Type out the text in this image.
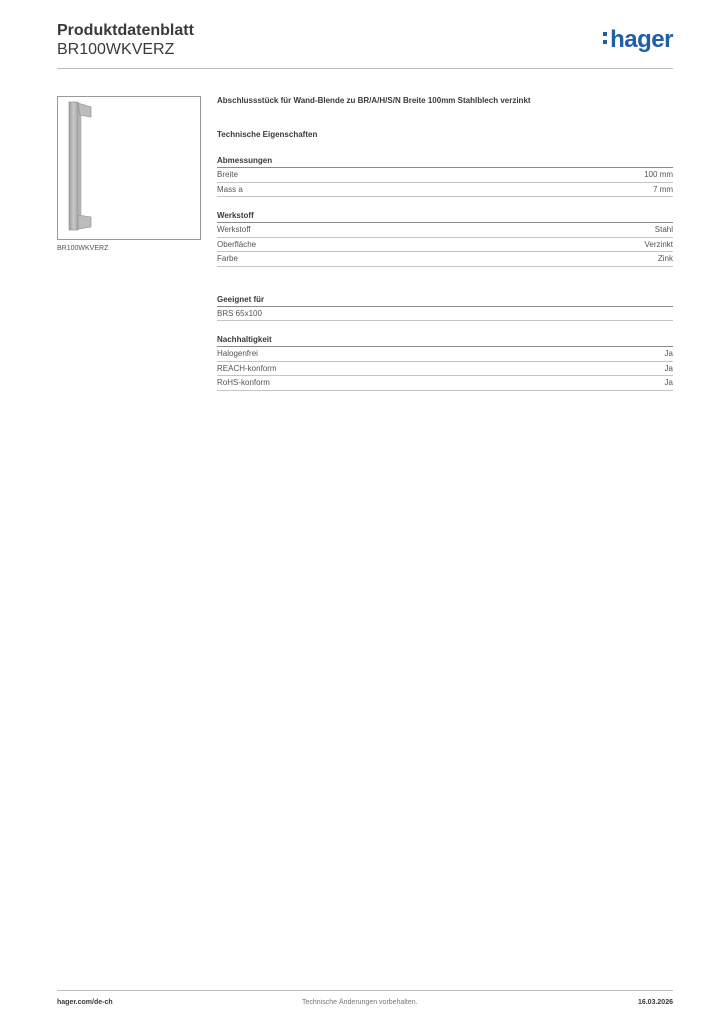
Produktdatenblatt
BR100WKVERZ	hager
BR100WKVERZ
Abschlussstück für Wand-Blende zu BR/A/H/S/N Breite 100mm Stahlblech verzinkt
Technische Eigenschaften
Abmessungen
Breite	100 mm
Mass a	7 mm
Werkstoff
Werkstoff	Stahl
Oberfläche	Verzinkt
Farbe	Zink
Geeignet für
BRS 65x100
Nachhaltigkeit
Halogenfrei	Ja
REACH-konform	Ja
RoHS-konform	Ja
hager.com/de-ch	Technische Änderungen vorbehalten.	16.03.2026
